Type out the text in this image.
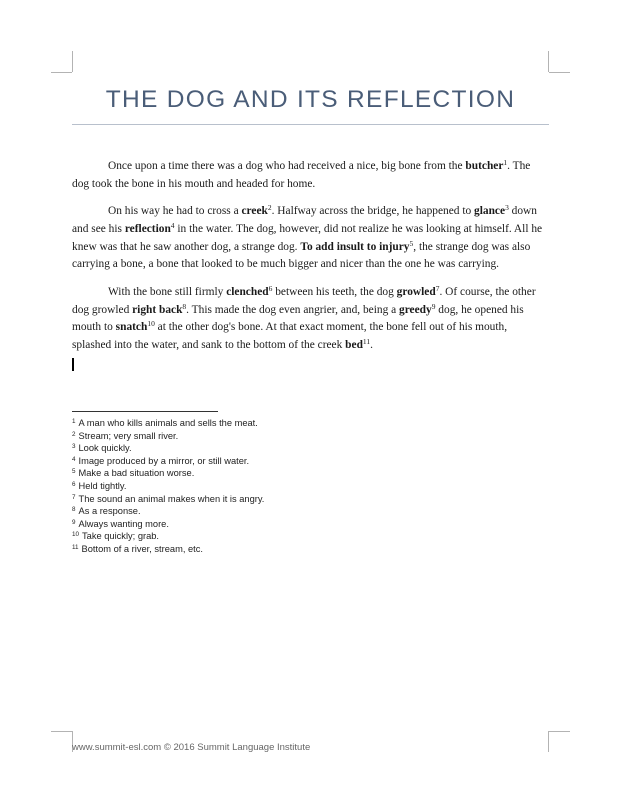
THE DOG AND ITS REFLECTION

Once upon a time there was a dog who had received a nice, big bone from the butcher$^1$. The dog took the bone in his mouth and headed for home.

On his way he had to cross a creek$^2$. Halfway across the bridge, he happened to glance$^3$ down and see his reflection$^4$ in the water. The dog, however, did not realize he was looking at himself. All he knew was that he saw another dog, a strange dog. To add insult to injury$^5$, the strange dog was also carrying a bone, a bone that looked to be much bigger and nicer than the one he was carrying.

With the bone still firmly clenched$^6$ between his teeth, the dog growled$^7$. Of course, the other dog growled right back$^8$. This made the dog even angrier, and, being a greedy$^9$ dog, he opened his mouth to snatch$^{10}$ at the other dog's bone. At that exact moment, the bone fell out of his mouth, splashed into the water, and sank to the bottom of the creek bed$^{11}$.

$^1$ A man who kills animals and sells the meat.
$^2$ Stream; very small river.
$^3$ Look quickly.
$^4$ Image produced by a mirror, or still water.
$^5$ Make a bad situation worse.
$^6$ Held tightly.
$^7$ The sound an animal makes when it is angry.
$^8$ As a response.
$^9$ Always wanting more.
$^{10}$ Take quickly; grab.
$^{11}$ Bottom of a river, stream, etc.
www.summit-esl.com © 2016 Summit Language Institute
